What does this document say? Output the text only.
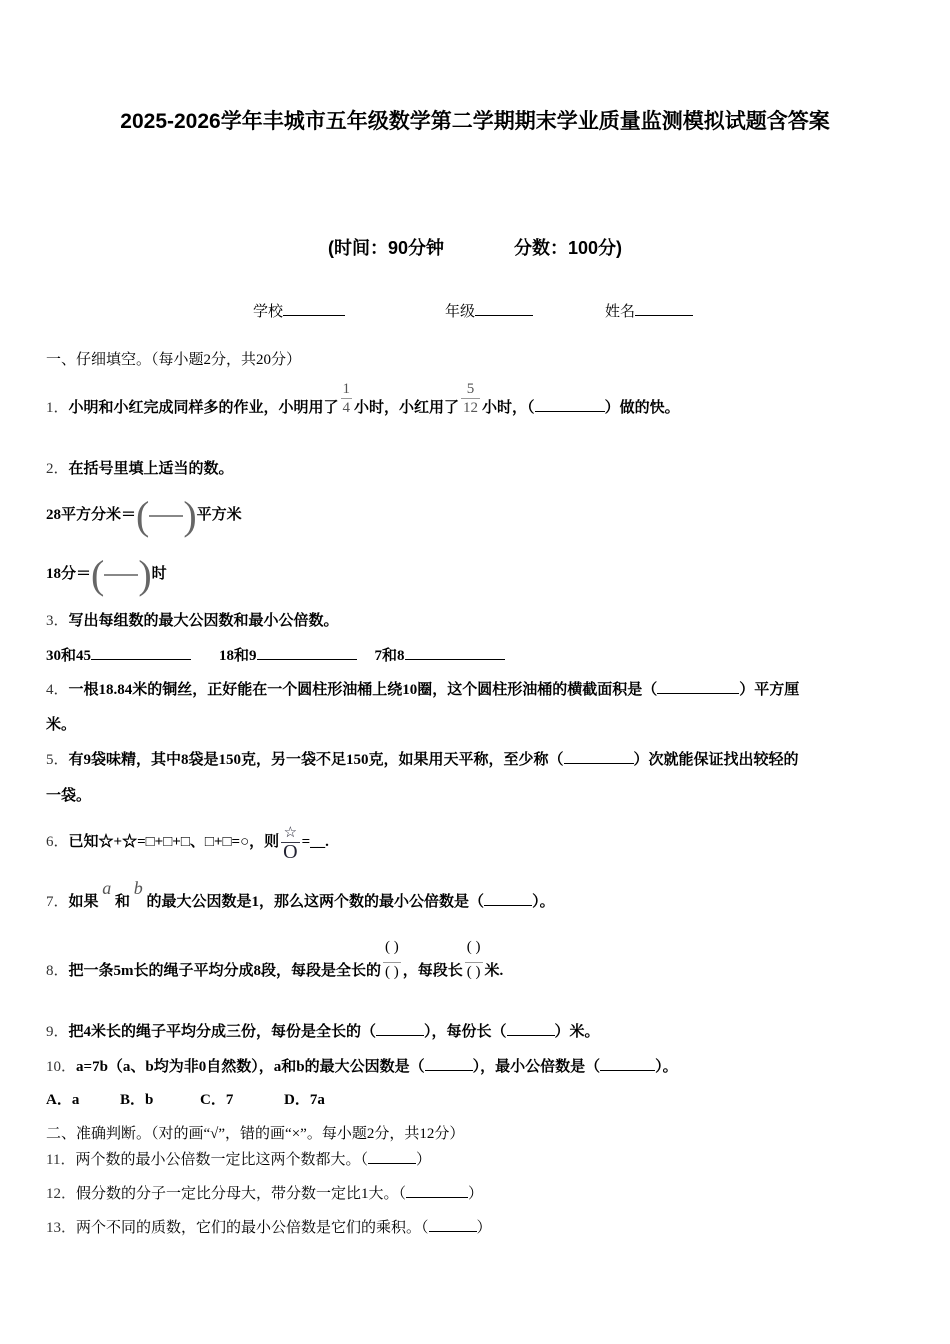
2025-2026学年丰城市五年级数学第二学期期末学业质量监测模拟试题含答案
(时间：90分钟	分数：100分)
学校	年级	姓名
一、仔细填空。（每小题2分，共20分）
1．小明和小红完成同样多的作业，小明用了 $\frac{1}{4}$ 小时，小红用了 $\frac{5}{12}$ 小时，（	）做的快。
2．在括号里填上适当的数。
28平方分米＝( )平方米
18分＝( )时
3．写出每组数的最大公因数和最小公倍数。
30和45	18和9	7和8
4．一根18.84米的铜丝，正好能在一个圆柱形油桶上绕10圈，这个圆柱形油桶的横截面积是（	）平方厘
米。
5．有9袋味精，其中8袋是150克，另一袋不足150克，如果用天平称，至少称（	）次就能保证找出较轻的
一袋。
6．已知☆+☆=□+□+□、□+□=○，则 $\frac{☆}{O}$ =__.
7．如果 a 和 b 的最大公因数是1，那么这两个数的最小公倍数是（	）。
8．把一条5m长的绳子平均分成8段，每段是全长的 $\frac{( )}{( )}$ ，每段长 $\frac{( )}{( )}$ 米.
9．把4米长的绳子平均分成三份，每份是全长的（	），每份长（	）米。
10．a=7b（a、b均为非0自然数），a和b的最大公因数是（	），最小公倍数是（	）。
A．a	B．b	C．7	D．7a
二、准确判断。（对的画“√”，错的画“×”。每小题2分，共12分）
11．两个数的最小公倍数一定比这两个数都大。（	）
12．假分数的分子一定比分母大，带分数一定比1大。（	）
13．两个不同的质数，它们的最小公倍数是它们的乘积。（	）
